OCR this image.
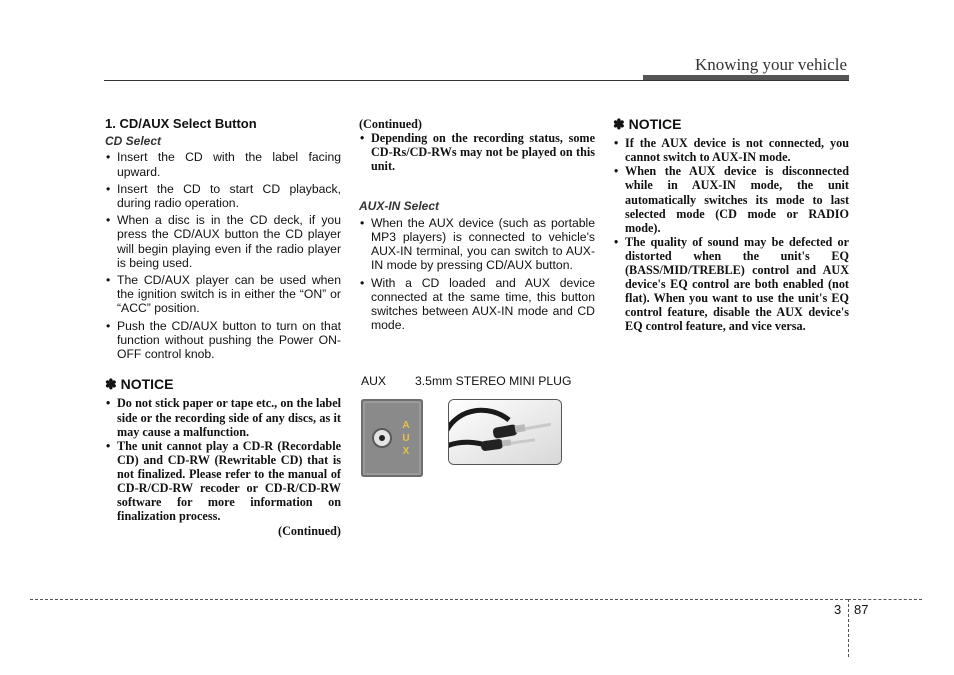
Knowing your vehicle
1. CD/AUX Select Button
CD Select
• Insert the CD with the label facing upward.
• Insert the CD to start CD playback, during radio operation.
• When a disc is in the CD deck, if you press the CD/AUX button the CD player will begin playing even if the radio player is being used.
• The CD/AUX player can be used when the ignition switch is in either the “ON” or “ACC” position.
• Push the CD/AUX button to turn on that function without pushing the Power ON-OFF control knob.
✽ NOTICE
• Do not stick paper or tape etc., on the label side or the recording side of any discs, as it may cause a malfunction.
• The unit cannot play a CD-R (Recordable CD) and CD-RW (Rewritable CD) that is not finalized. Please refer to the manual of CD-R/CD-RW recoder or CD-R/CD-RW software for more information on finalization process.
(Continued)
(Continued)
• Depending on the recording status, some CD-Rs/CD-RWs may not be played on this unit.
AUX-IN Select
• When the AUX device (such as portable MP3 players) is connected to vehicle's AUX-IN terminal, you can switch to AUX-IN mode by pressing CD/AUX button.
• With a CD loaded and AUX device connected at the same time, this button switches between AUX-IN mode and CD mode.
AUX 3.5mm STEREO MINI PLUG
A
U
X
✽ NOTICE
• If the AUX device is not connected, you cannot switch to AUX-IN mode.
• When the AUX device is disconnected while in AUX-IN mode, the unit automatically switches its mode to last selected mode (CD mode or RADIO mode).
• The quality of sound may be defected or distorted when the unit's EQ (BASS/MID/TREBLE) control and AUX device's EQ control are both enabled (not flat). When you want to use the unit's EQ control feature, disable the AUX device's EQ control feature, and vice versa.
3 87
